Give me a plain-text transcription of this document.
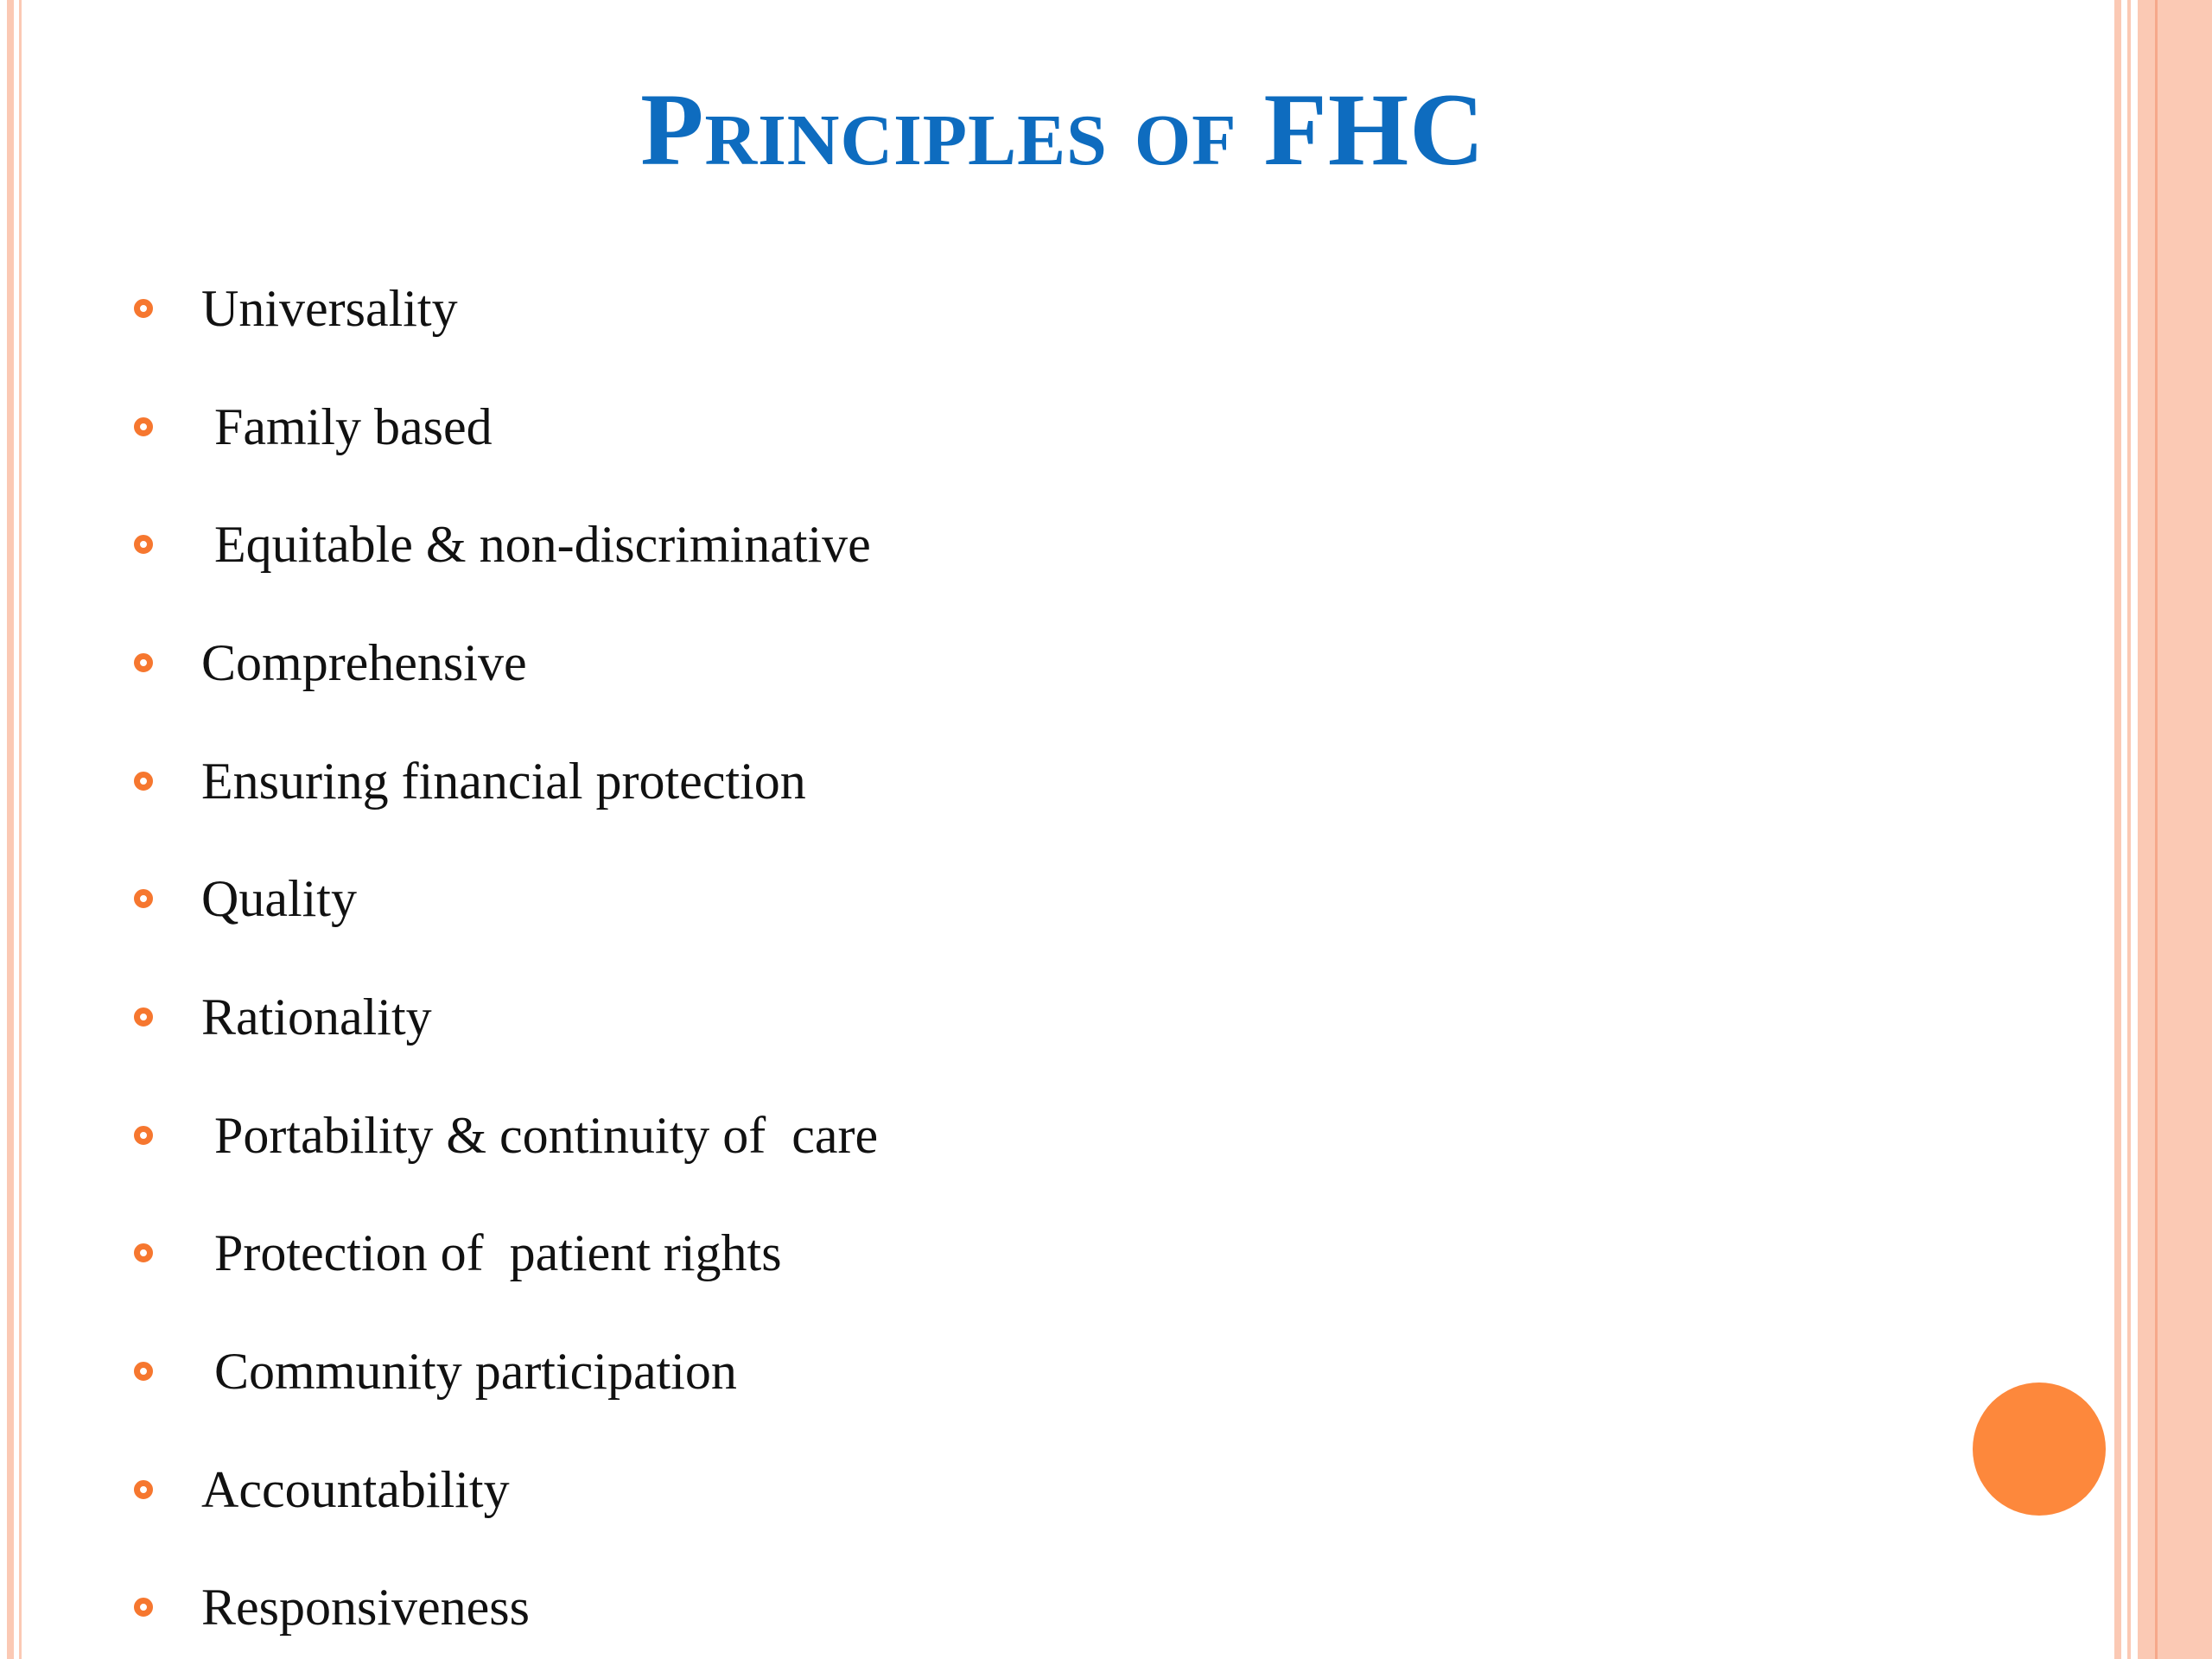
Principles of FHC
Universality
Family based
Equitable & non-discriminative
Comprehensive
Ensuring financial protection
Quality
Rationality
Portability & continuity of  care
Protection of  patient rights
Community participation
Accountability
Responsiveness
